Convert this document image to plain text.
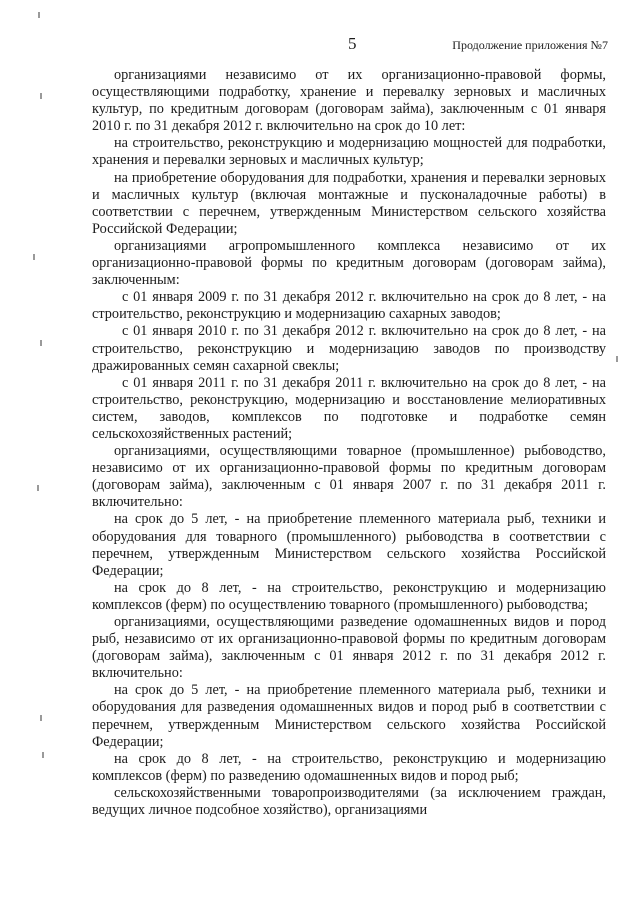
5	Продолжение приложения №7

организациями независимо от их организационно-правовой формы, осуществляющими подработку, хранение и перевалку зерновых и масличных культур, по кредитным договорам (договорам займа), заключенным с 01 января 2010 г. по 31 декабря 2012 г. включительно на срок до 10 лет:

на строительство, реконструкцию и модернизацию мощностей для подработки, хранения и перевалки зерновых и масличных культур;

на приобретение оборудования для подработки, хранения и перевалки зерновых и масличных культур (включая монтажные и пусконаладочные работы) в соответствии с перечнем, утвержденным Министерством сельского хозяйства Российской Федерации;

организациями агропромышленного комплекса независимо от их организационно-правовой формы по кредитным договорам (договорам займа), заключенным:

с 01 января 2009 г. по 31 декабря 2012 г. включительно на срок до 8 лет, - на строительство, реконструкцию и модернизацию сахарных заводов;

с 01 января 2010 г. по 31 декабря 2012 г. включительно на срок до 8 лет, - на строительство, реконструкцию и модернизацию заводов по производству дражированных семян сахарной свеклы;

с 01 января 2011 г. по 31 декабря 2011 г. включительно на срок до 8 лет, - на строительство, реконструкцию, модернизацию и восстановление мелиоративных систем, заводов, комплексов по подготовке и подработке семян сельскохозяйственных растений;

организациями, осуществляющими товарное (промышленное) рыбоводство, независимо от их организационно-правовой формы по кредитным договорам (договорам займа), заключенным с 01 января 2007 г. по 31 декабря 2011 г. включительно:

на срок до 5 лет, - на приобретение племенного материала рыб, техники и оборудования для товарного (промышленного) рыбоводства в соответствии с перечнем, утвержденным Министерством сельского хозяйства Российской Федерации;

на срок до 8 лет, - на строительство, реконструкцию и модернизацию комплексов (ферм) по осуществлению товарного (промышленного) рыбоводства;

организациями, осуществляющими разведение одомашненных видов и пород рыб, независимо от их организационно-правовой формы по кредитным договорам (договорам займа), заключенным с 01 января 2012 г. по 31 декабря 2012 г. включительно:

на срок до 5 лет, - на приобретение племенного материала рыб, техники и оборудования для разведения одомашненных видов и пород рыб в соответствии с перечнем, утвержденным Министерством сельского хозяйства Российской Федерации;

на срок до 8 лет, - на строительство, реконструкцию и модернизацию комплексов (ферм) по разведению одомашненных видов и пород рыб;

сельскохозяйственными товаропроизводителями (за исключением граждан, ведущих личное подсобное хозяйство), организациями
